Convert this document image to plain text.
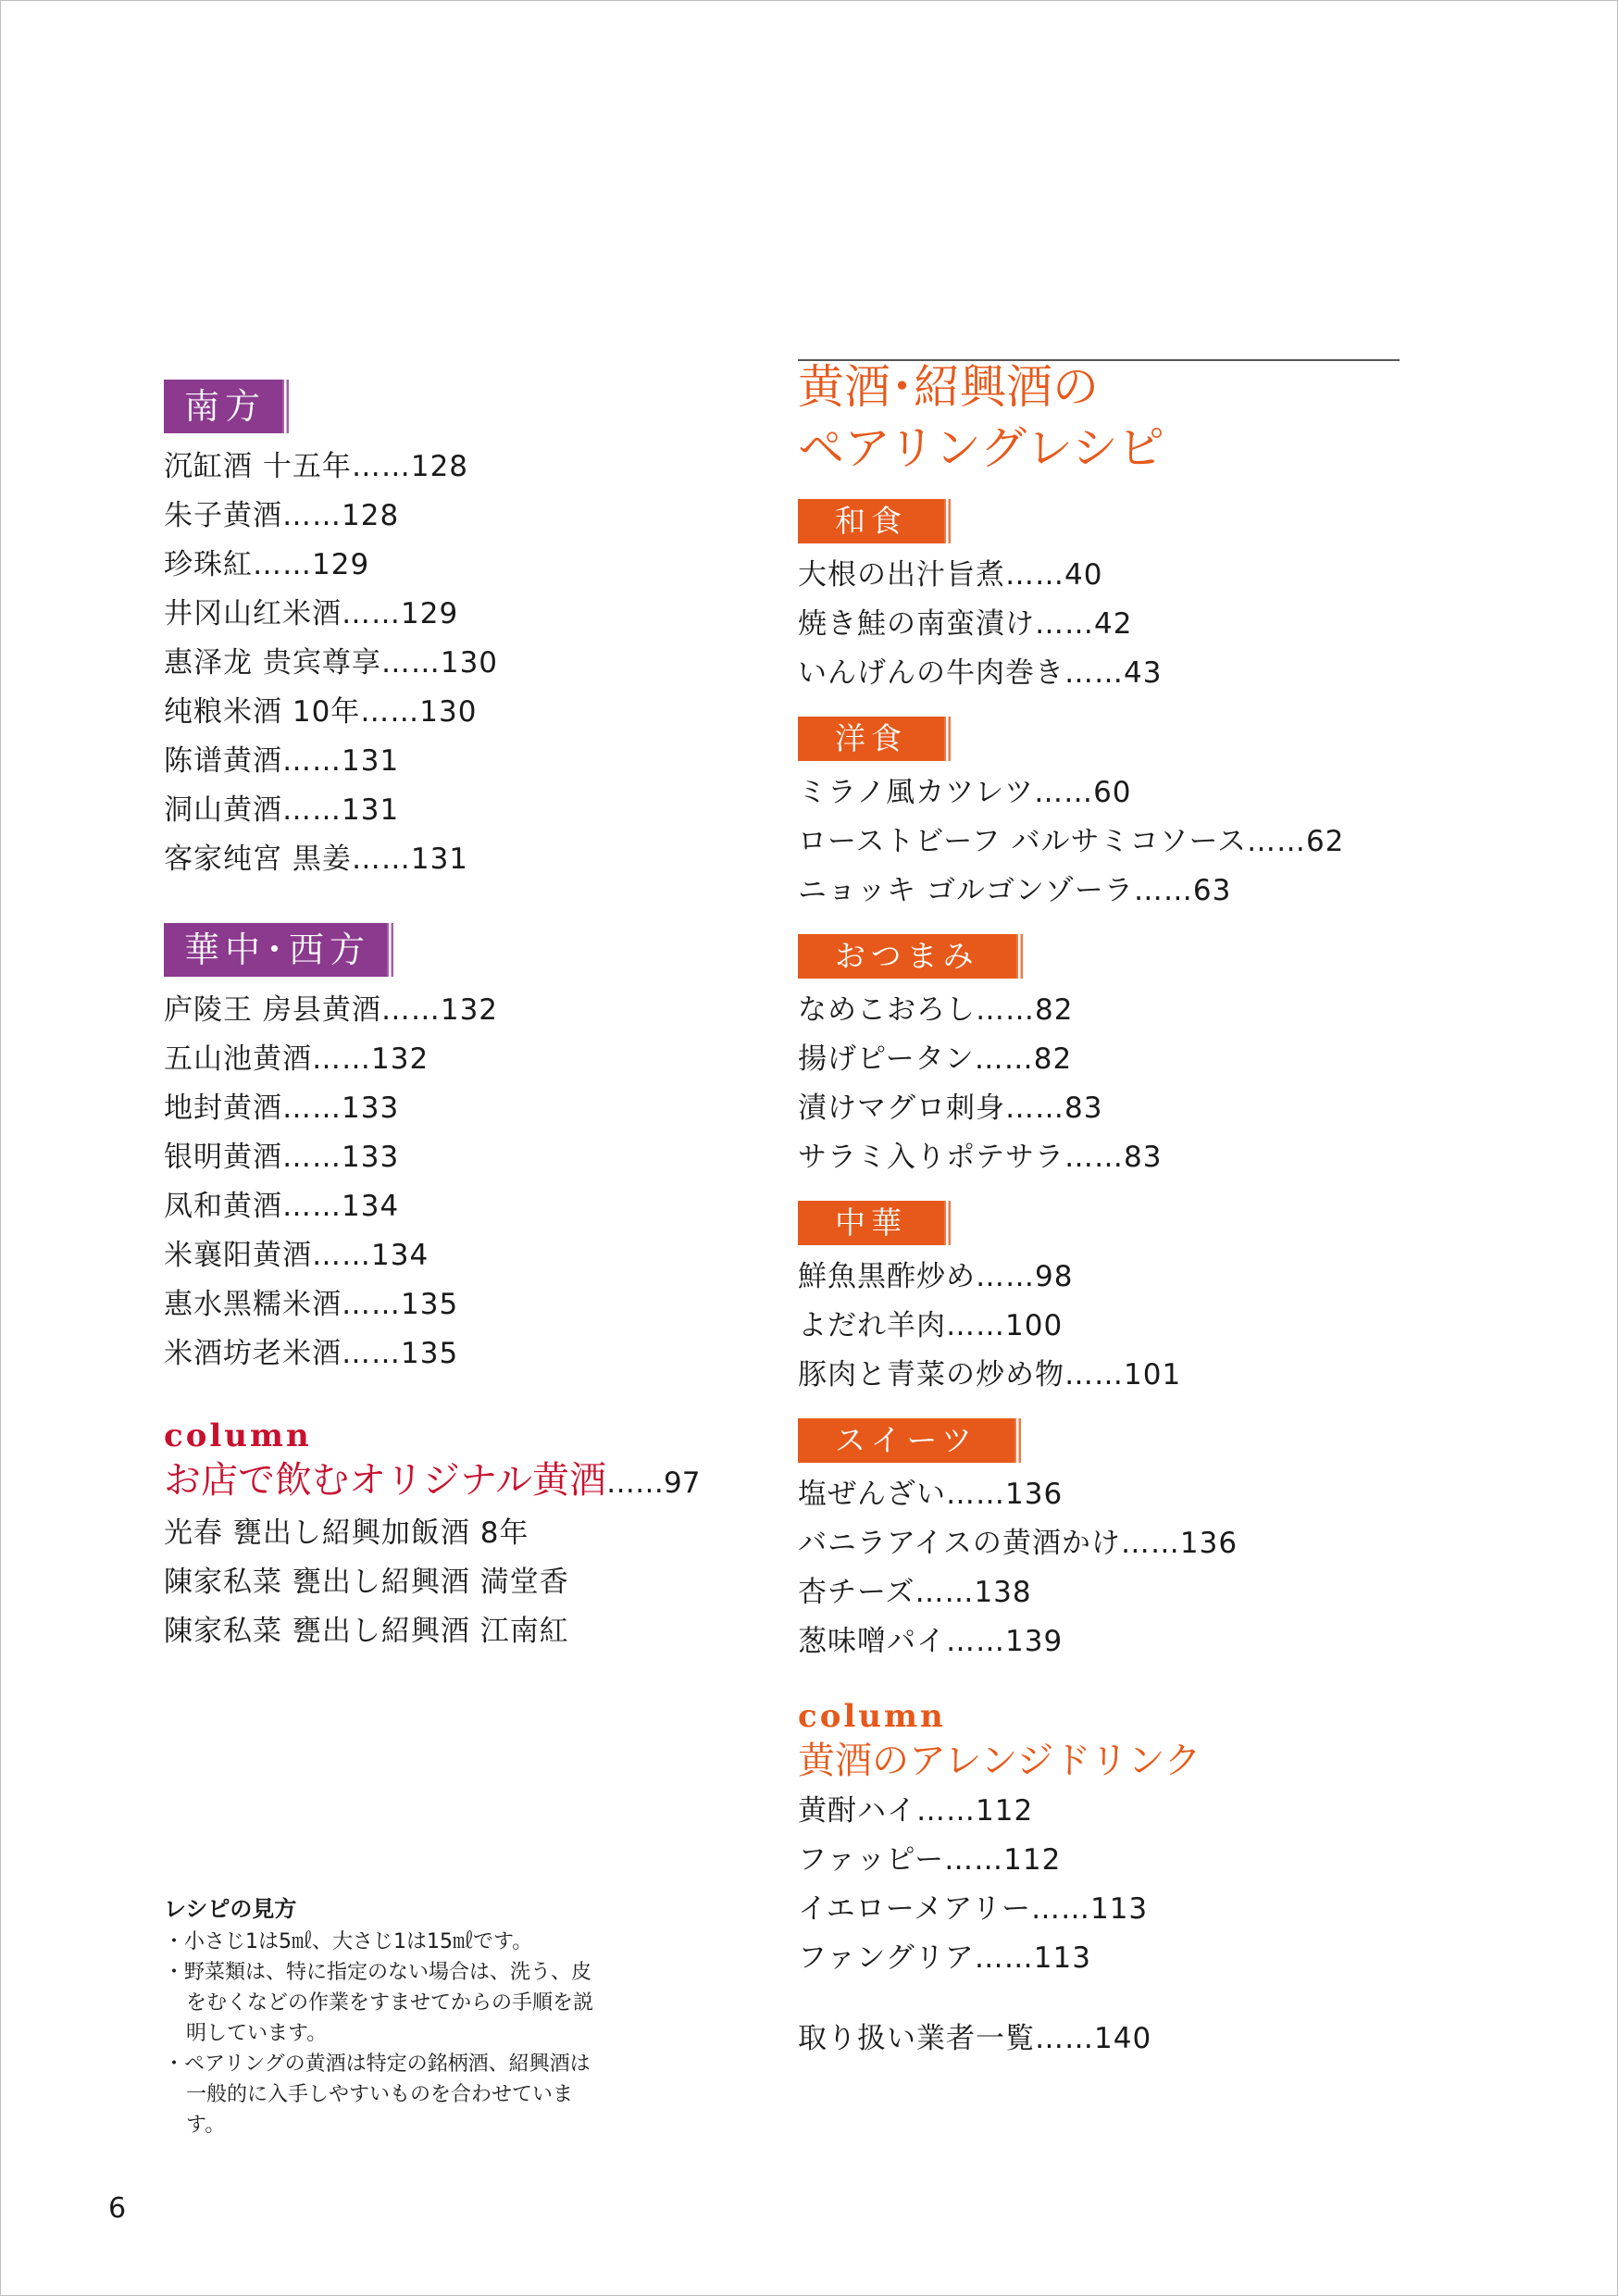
南方
沉缸酒 十五年……128
朱子黄酒……128
珍珠紅……129
井冈山红米酒……129
惠泽龙 贵宾尊享……130
纯粮米酒 10年……130
陈谱黄酒……131
洞山黄酒……131
客家纯宮 黒姜……131
華中･西方
庐陵王 房县黄酒……132
五山池黄酒……132
地封黄酒……133
银明黄酒……133
凤和黄酒……134
米襄阳黄酒……134
惠水黑糯米酒……135
米酒坊老米酒……135
column
お店で飲むオリジナル黄酒……97
光春 甕出し紹興加飯酒 8年
陳家私菜 甕出し紹興酒 満堂香
陳家私菜 甕出し紹興酒 江南紅
黄酒･紹興酒の
ペアリングレシピ
和食
大根の出汁旨煮……40
焼き鮭の南蛮漬け……42
いんげんの牛肉巻き……43
洋食
ミラノ風カツレツ……60
ローストビーフ バルサミコソース……62
ニョッキ ゴルゴンゾーラ……63
おつまみ
なめこおろし……82
揚げピータン……82
漬けマグロ刺身……83
サラミ入りポテサラ……83
中華
鮮魚黒酢炒め……98
よだれ羊肉……100
豚肉と青菜の炒め物……101
スイーツ
塩ぜんざい……136
バニラアイスの黄酒かけ……136
杏チーズ……138
葱味噌パイ……139
column
黄酒のアレンジドリンク
黄酎ハイ……112
ファッピー……112
イエローメアリー……113
ファングリア……113
取り扱い業者一覧……140
レシピの見方
・小さじ1は5㎖、大さじ1は15㎖です。
・野菜類は、特に指定のない場合は、洗う、皮をむくなどの作業をすませてからの手順を説明しています。
・ペアリングの黄酒は特定の銘柄酒、紹興酒は一般的に入手しやすいものを合わせています。
6
